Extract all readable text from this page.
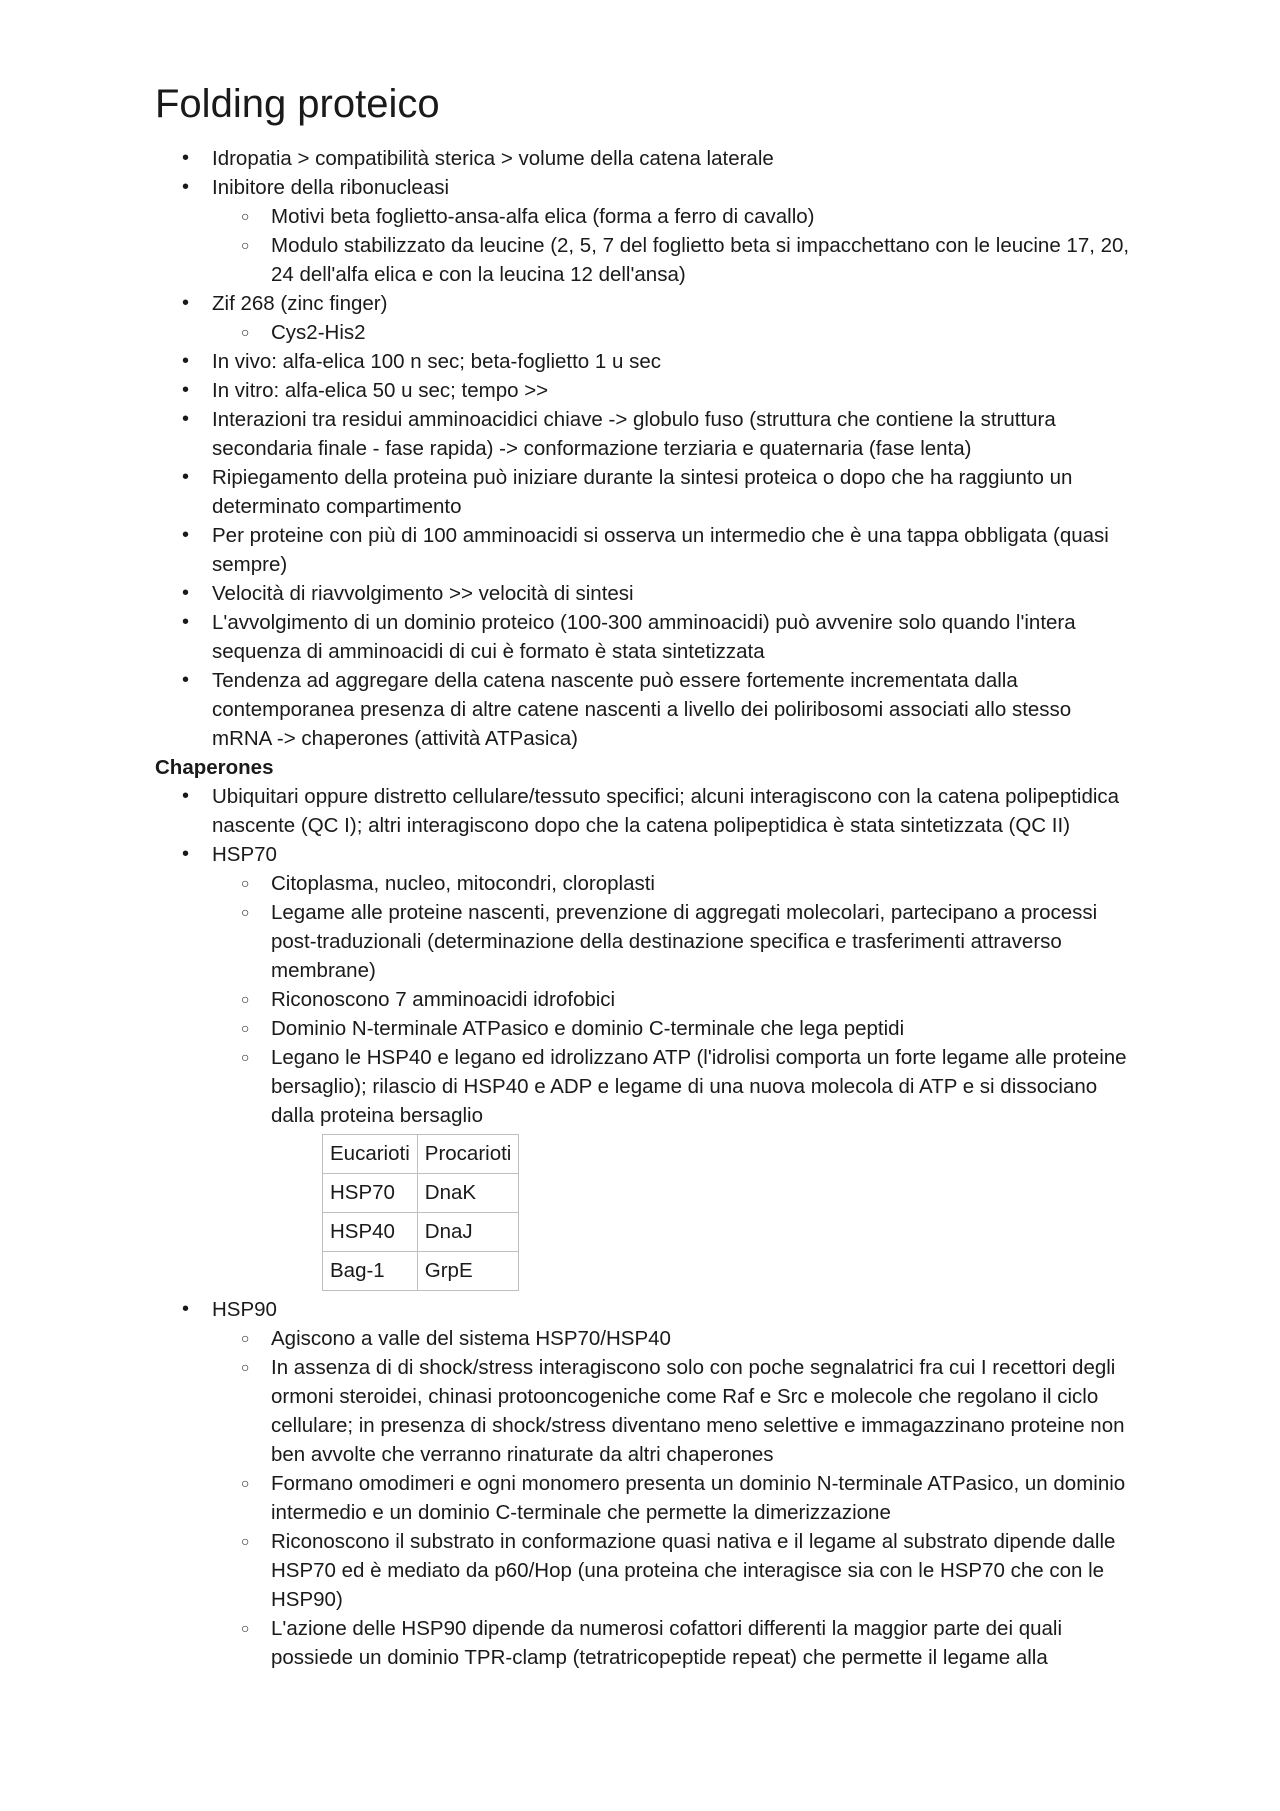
Folding proteico
• Idropatia > compatibilità sterica > volume della catena laterale
• Inibitore della ribonucleasi
○ Motivi beta foglietto-ansa-alfa elica (forma a ferro di cavallo)
○ Modulo stabilizzato da leucine (2, 5, 7 del foglietto beta si impacchettano con le leucine 17, 20, 24 dell'alfa elica e con la leucina 12 dell'ansa)
• Zif 268 (zinc finger)
○ Cys2-His2
• In vivo: alfa-elica 100 n sec; beta-foglietto 1 u sec
• In vitro: alfa-elica 50 u sec; tempo >>
• Interazioni tra residui amminoacidici chiave -> globulo fuso (struttura che contiene la struttura secondaria finale - fase rapida) -> conformazione terziaria e quaternaria (fase lenta)
• Ripiegamento della proteina può iniziare durante la sintesi proteica o dopo che ha raggiunto un determinato compartimento
• Per proteine con più di 100 amminoacidi si osserva un intermedio che è una tappa obbligata (quasi sempre)
• Velocità di riavvolgimento >> velocità di sintesi
• L'avvolgimento di un dominio proteico (100-300 amminoacidi) può avvenire solo quando l'intera sequenza di amminoacidi di cui è formato è stata sintetizzata
• Tendenza ad aggregare della catena nascente può essere fortemente incrementata dalla contemporanea presenza di altre catene nascenti a livello dei poliribosomi associati allo stesso mRNA -> chaperones (attività ATPasica)

Chaperones

• Ubiquitari oppure distretto cellulare/tessuto specifici; alcuni interagiscono con la catena polipeptidica nascente (QC I); altri interagiscono dopo che la catena polipeptidica è stata sintetizzata (QC II)
• HSP70
○ Citoplasma, nucleo, mitocondri, cloroplasti
○ Legame alle proteine nascenti, prevenzione di aggregati molecolari, partecipano a processi post-traduzionali (determinazione della destinazione specifica e trasferimenti attraverso membrane)
○ Riconoscono 7 amminoacidi idrofobici
○ Dominio N-terminale ATPasico e dominio C-terminale che lega peptidi
○ Legano le HSP40 e legano ed idrolizzano ATP (l'idrolisi comporta un forte legame alle proteine bersaglio); rilascio di HSP40 e ADP e legame di una nuova molecola di ATP e si dissociano dalla proteina bersaglio
Eucarioti	Procarioti
HSP70	DnaK
HSP40	DnaJ
Bag-1	GrpE
• HSP90
○ Agiscono a valle del sistema HSP70/HSP40
○ In assenza di di shock/stress interagiscono solo con poche segnalatrici fra cui I recettori degli ormoni steroidei, chinasi protooncogeniche come Raf e Src e molecole che regolano il ciclo cellulare; in presenza di shock/stress diventano meno selettive e immagazzinano proteine non ben avvolte che verranno rinaturate da altri chaperones
○ Formano omodimeri e ogni monomero presenta un dominio N-terminale ATPasico, un dominio intermedio e un dominio C-terminale che permette la dimerizzazione
○ Riconoscono il substrato in conformazione quasi nativa e il legame al substrato dipende dalle HSP70 ed è mediato da p60/Hop (una proteina che interagisce sia con le HSP70 che con le HSP90)
○ L'azione delle HSP90 dipende da numerosi cofattori differenti la maggior parte dei quali possiede un dominio TPR-clamp (tetratricopeptide repeat) che permette il legame alla
